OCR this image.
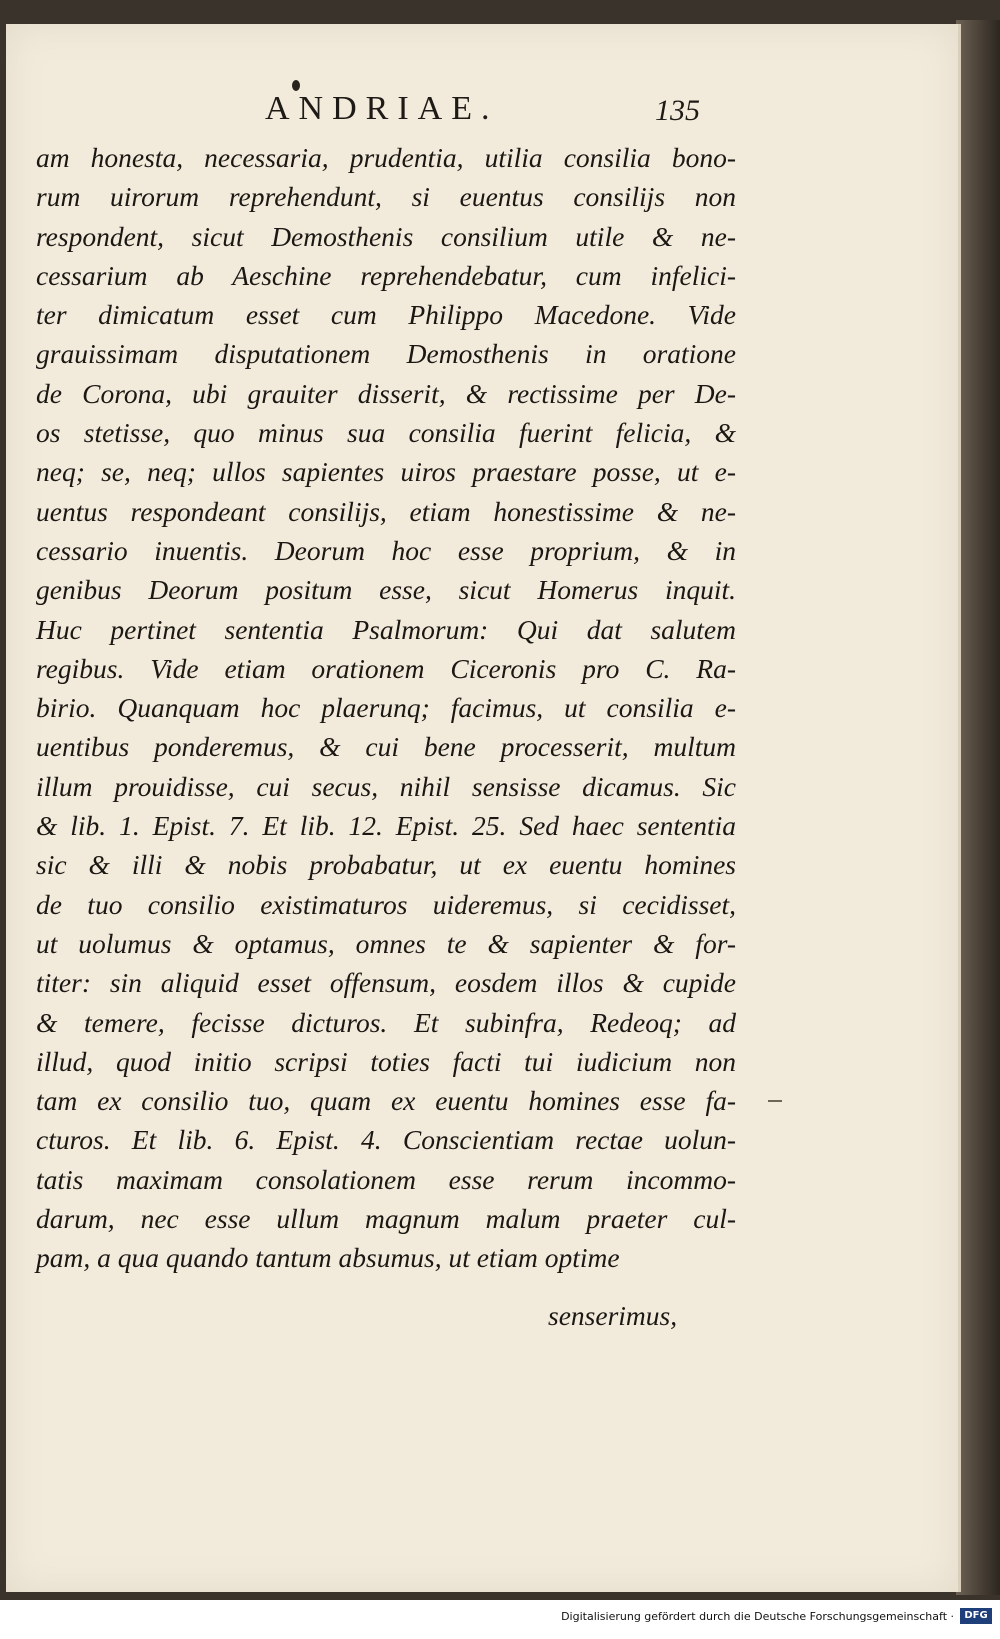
ANDRIAE.	135
am honesta, necessaria, prudentia, utilia consilia bono-
rum uirorum reprehendunt, si euentus consilijs non
respondent, sicut Demosthenis consilium utile & ne-
cessarium ab Aeschine reprehendebatur, cum infelici-
ter dimicatum esset cum Philippo Macedone. Vide
grauissimam disputationem Demosthenis in oratione
de Corona, ubi grauiter disserit, & rectissime per De-
os stetisse, quo minus sua consilia fuerint felicia, &
neq; se, neq; ullos sapientes uiros praestare posse, ut e-
uentus respondeant consilijs, etiam honestissime & ne-
cessario inuentis. Deorum hoc esse proprium, & in
genibus Deorum positum esse, sicut Homerus inquit.
Huc pertinet sententia Psalmorum: Qui dat salutem
regibus. Vide etiam orationem Ciceronis pro C. Ra-
birio. Quanquam hoc plaerunq; facimus, ut consilia e-
uentibus ponderemus, & cui bene processerit, multum
illum prouidisse, cui secus, nihil sensisse dicamus. Sic
& lib. 1. Epist. 7. Et lib. 12. Epist. 25. Sed haec sententia
sic & illi & nobis probabatur, ut ex euentu homines
de tuo consilio existimaturos uideremus, si cecidisset,
ut uolumus & optamus, omnes te & sapienter & for-
titer: sin aliquid esset offensum, eosdem illos & cupide
& temere, fecisse dicturos. Et subinfra, Redeoq; ad
illud, quod initio scripsi toties facti tui iudicium non
tam ex consilio tuo, quam ex euentu homines esse fa-
cturos. Et lib. 6. Epist. 4. Conscientiam rectae uolun-
tatis maximam consolationem esse rerum incommo-
darum, nec esse ullum magnum malum praeter cul-
pam, a qua quando tantum absumus, ut etiam optime
senserimus,
Digitalisierung gefördert durch die Deutsche Forschungsgemeinschaft ·	DFG
